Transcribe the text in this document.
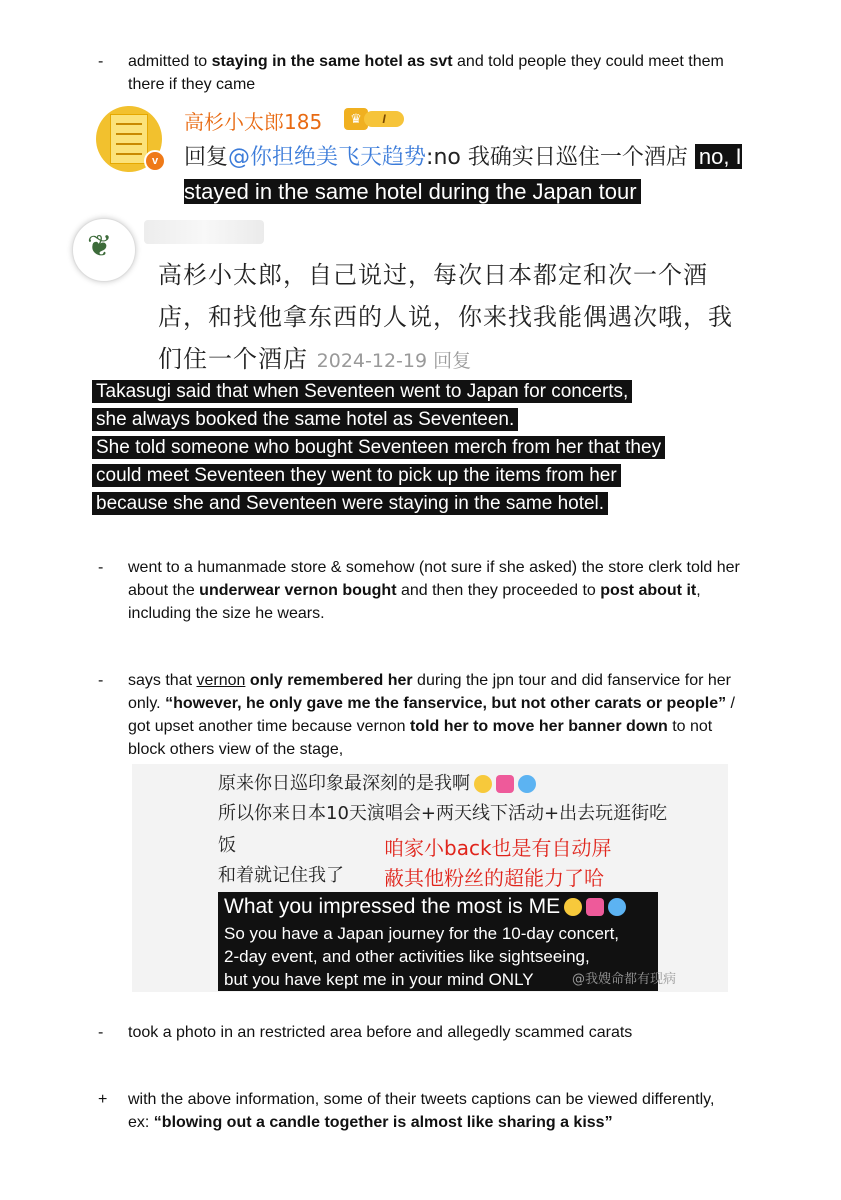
- admitted to staying in the same hotel as svt and told people they could meet them there if they came
v
高杉小太郎185	♛	I
回复@你担绝美飞天趋势:no 我确实日巡住一个酒店 no, I stayed in the same hotel during the Japan tour
❦
高杉小太郎，自己说过，每次日本都定和次一个酒店，和找他拿东西的人说，你来找我能偶遇次哦，我们住一个酒店 2024-12-19 回复
Takasugi said that when Seventeen went to Japan for concerts,
she always booked the same hotel as Seventeen.
She told someone who bought Seventeen merch from her that they
could meet Seventeen they went to pick up the items from her
because she and Seventeen were staying in the same hotel.
- went to a humanmade store & somehow (not sure if she asked) the store clerk told her about the underwear vernon bought and then they proceeded to post about it, including the size he wears.
- says that vernon only remembered her during the jpn tour and did fanservice for her only. “however, he only gave me the fanservice, but not other carats or people” / got upset another time because vernon told her to move her banner down to not block others view of the stage,
原来你日巡印象最深刻的是我啊
所以你来日本10天演唱会+两天线下活动+出去玩逛街吃
饭
和着就记住我了
咱家小back也是有自动屏
蔽其他粉丝的超能力了哈
What you impressed the most is ME
So you have a Japan journey for the 10-day concert,
2-day event, and other activities like sightseeing,
but you have kept me in your mind ONLY	@我嫂命都有现病
- took a photo in an restricted area before and allegedly scammed carats
+ with the above information, some of their tweets captions can be viewed differently, ex: “blowing out a candle together is almost like sharing a kiss”
